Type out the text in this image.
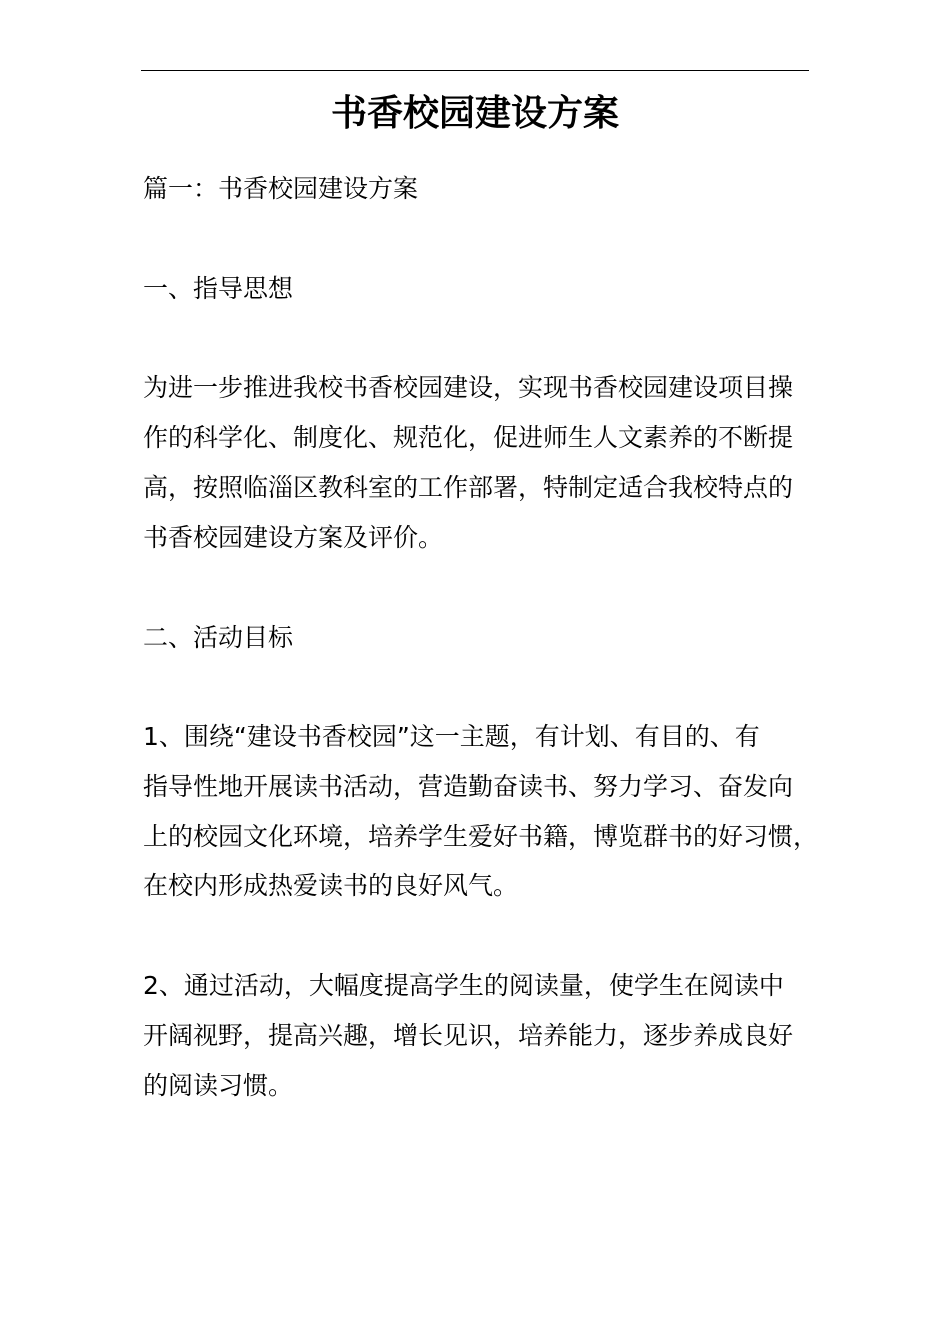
书香校园建设方案
篇一：书香校园建设方案
一、指导思想
为进一步推进我校书香校园建设，实现书香校园建设项目操
作的科学化、制度化、规范化，促进师生人文素养的不断提
高，按照临淄区教科室的工作部署，特制定适合我校特点的
书香校园建设方案及评价。
二、活动目标
1、围绕“建设书香校园”这一主题，有计划、有目的、有
指导性地开展读书活动，营造勤奋读书、努力学习、奋发向
上的校园文化环境，培养学生爱好书籍，博览群书的好习惯，
在校内形成热爱读书的良好风气。
2、通过活动，大幅度提高学生的阅读量，使学生在阅读中
开阔视野，提高兴趣，增长见识，培养能力，逐步养成良好
的阅读习惯。
